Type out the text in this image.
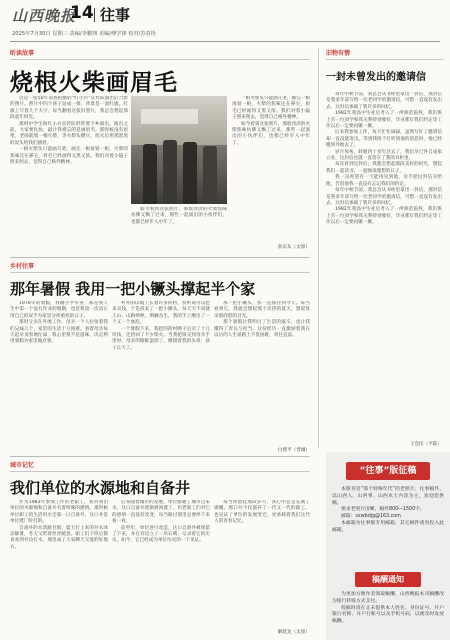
山西晚报
14 往事
2025年7月30日 星期三 责编/李鹏翔 美编/傅学锋 校对/苏春艳
昕读故事
烧根火柴画眉毛

这是一张50年前我拍摄的“红小兵”宣传队演出后合影的照片。照片中四个孩子站成一排，背景是一面红旗，红旗上写着几个大字。每当翻看这张旧照片，我总会想起那段童年时光。

那时中学生和红小兵宣传队经常要下乡演出。演出之前，大家要化妆，最让我难忘的是画眉毛。那时候没有眉笔，老师就划一根火柴，等火柴头燃尽，吹灭后用那黑黑的炭头给我们描眉。

一根火柴头只能画几笔，画完一根再划一根，火柴的焦味还在鼻尖，眉毛已经画得又黑又浓。我们对着小镜子照来照去，觉得自己格外精神。

如今看到这张照片，那股淡淡的火柴焦味仿佛又飘了过来，那些一起演出的小伙伴们，也都已经步入中年了。

一根火柴头只能画几笔，画完一根再划一根，火柴的焦味还在鼻尖，眉毛已经画得又黑又浓。我们对着小镜子照来照去，觉得自己格外精神。

如今看到这张照片，那股淡淡的火柴焦味仿佛又飘了过来，那些一起演出的小伙伴们，也都已经步入中年了。

彭庆东（太原）
旧物有情
一封未曾发出的邀请信

每年中秋节前，我总会从书柜里拿出一封信，那封信是我多年前写给一位老同学的邀请信，可惜一直没有发出去，这封信承载了我许多的回忆。

1982年我高中毕业后考入了一所师范院校，我们班上有一位同学和我关系特别要好，毕业那年我们约定等工作以后一定要再聚一聚。

后来我参加工作，每天忙忙碌碌，虽然写好了邀请信却一直没能寄出。等到我终于打听到他的消息时，他已经搬到外地去了。

岁月匆匆，转眼四十多年过去了，我们早已各自成家立业，这封信也就一直留在了我的书柜里。

每次看到这封信，我都会想起那段美好的时光，想起我们一起读书、一起畅谈理想的日子。

我一直希望有一天能再见到他，亲手把这封信交给他，告诉他我一直没有忘记我们的约定。

每年中秋节前，我总会从书柜里拿出一封信，那封信是我多年前写给一位老同学的邀请信，可惜一直没有发出去，这封信承载了我许多的回忆。

1982年我高中毕业后考入了一所师范院校，我们班上有一位同学和我关系特别要好，毕业那年我们约定等工作以后一定要再聚一聚。

王会民（平陆）
乡村往事
那年暑假 我用一把小镢头撑起半个家

1976年的暑假，我刚小学毕业，那是我人生中第一个没有作业的假期，也是我第一次真正用自己的双手为家里分担重担的日子。

那时父亲在外地工作，母亲一个人拉扯着我们兄妹几个，家里的生活十分困难。看着母亲每天起早贪黑地忙碌，我心里很不是滋味，决定利用暑假为家里做点事。

村外的山坡上长着许多药材，我听说可以挖来卖钱，于是找来了一把小镢头，每天天不亮就上山。山路崎岖，荆棘丛生，我的手上磨出了一个又一个血泡。

一个暑假下来，我挖的药材晒干后卖了十几块钱，还捡回了不少柴火。当我把钱交到母亲手里时，母亲的眼眶湿润了，她摸着我的头说：孩子长大了。

那一把小镢头，我一直保存到今天。每当看到它，我就会想起那个炎热的夏天，想起母亲那欣慰的目光。

那个暑假让我明白了生活的艰辛，也让我懂得了责任与担当。这份经历一直激励着我在以后的人生道路上不畏困难，勇往直前。

白建平（晋城）
城市记忆
我们单位的水源地和自备井

作为1983年参加工作的老职工，我对我们单位的水源地和自备井有着特殊的感情。那时候单位职工的生活用水全靠一口自备井，这口井是单位建厂时打的。

自备井的水清澈甘甜，夏天打上来的井水冰凉解暑，冬天又带着丝丝暖意。职工们下班后都喜欢到井边打水，那里成了大家聊天交流的好地方。

后来随着城市的发展，单位接通了城市自来水，这口自备井逐渐被闲置了。但老职工们对它的感情一直没有改变，每当路过那里总要停下来看一看。

前些年，单位进行改造，这口自备井被保留了下来，并在旁边立了一块石碑，记录着它的历史。如今，它已经成为单位历史的一个见证。

每当回想起那段岁月，我心中总是充满了感慨。那口井不仅滋养了一代又一代的职工，也见证了单位的发展变迁，更承载着我们这代人的青春记忆。

解延龙（太原）
“往事”版征稿

本版刊登“那个特殊年代”的老照片、往事稿件，以山西人、山西事、山西本土内容为主，欢迎您供稿。

要求老照片清晰，稿件800—1500字。

邮箱：sxwbdjg@163.com

本邮箱为往事版专用邮箱，其它稿件请勿投入此邮箱。

稿酬通知

为更加方便作者领取稿酬，山西晚报本刊稿酬改为银行转账方式支付。

投稿时请在文末提供本人姓名、身份证号、开户银行名称、开户行账号以及手机号码，以便及时发放稿酬。
